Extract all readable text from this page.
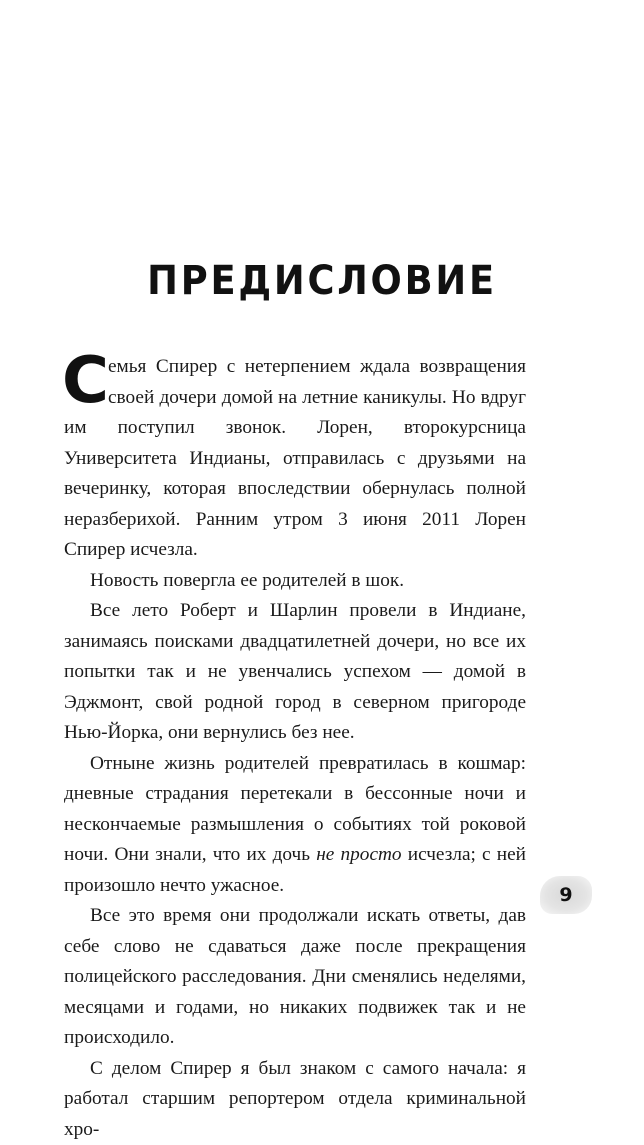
ПРЕДИСЛОВИЕ

Семья Спирер с нетерпением ждала возвращения своей дочери домой на летние каникулы. Но вдруг им поступил звонок. Лорен, второкурсница Университета Индианы, отправилась с друзьями на вечеринку, которая впоследствии обернулась полной неразберихой. Ранним утром 3 июня 2011 Лорен Спирер исчезла.

Новость повергла ее родителей в шок.

Все лето Роберт и Шарлин провели в Индиане, занимаясь поисками двадцатилетней дочери, но все их попытки так и не увенчались успехом — домой в Эджмонт, свой родной город в северном пригороде Нью-Йорка, они вернулись без нее.

Отныне жизнь родителей превратилась в кошмар: дневные страдания перетекали в бессонные ночи и нескончаемые размышления о событиях той роковой ночи. Они знали, что их дочь не просто исчезла; с ней произошло нечто ужасное.

Все это время они продолжали искать ответы, дав себе слово не сдаваться даже после прекращения полицейского расследования. Дни сменялись неделями, месяцами и годами, но никаких подвижек так и не происходило.

С делом Спирер я был знаком с самого начала: я работал старшим репортером отдела криминальной хро-

9
